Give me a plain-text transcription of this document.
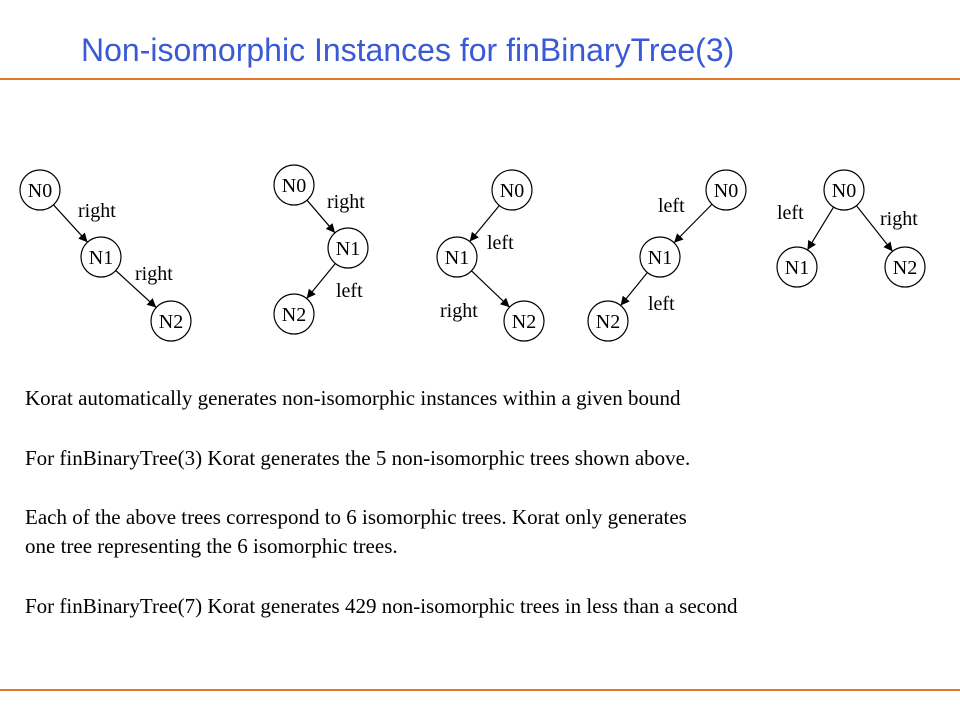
Non-isomorphic Instances for finBinaryTree(3)
right
right
N0
N1
N2
right
left
N0
N1
N2
left
right
N0
N1
N2
left
left
N0
N1
N2
left	right
N0
N1	N2

Korat automatically generates non-isomorphic instances within a given bound

For finBinaryTree(3) Korat generates the 5 non-isomorphic trees shown above.

Each of the above trees correspond to 6 isomorphic trees. Korat only generates
one tree representing the 6 isomorphic trees.

For finBinaryTree(7) Korat generates 429 non-isomorphic trees in less than a second
